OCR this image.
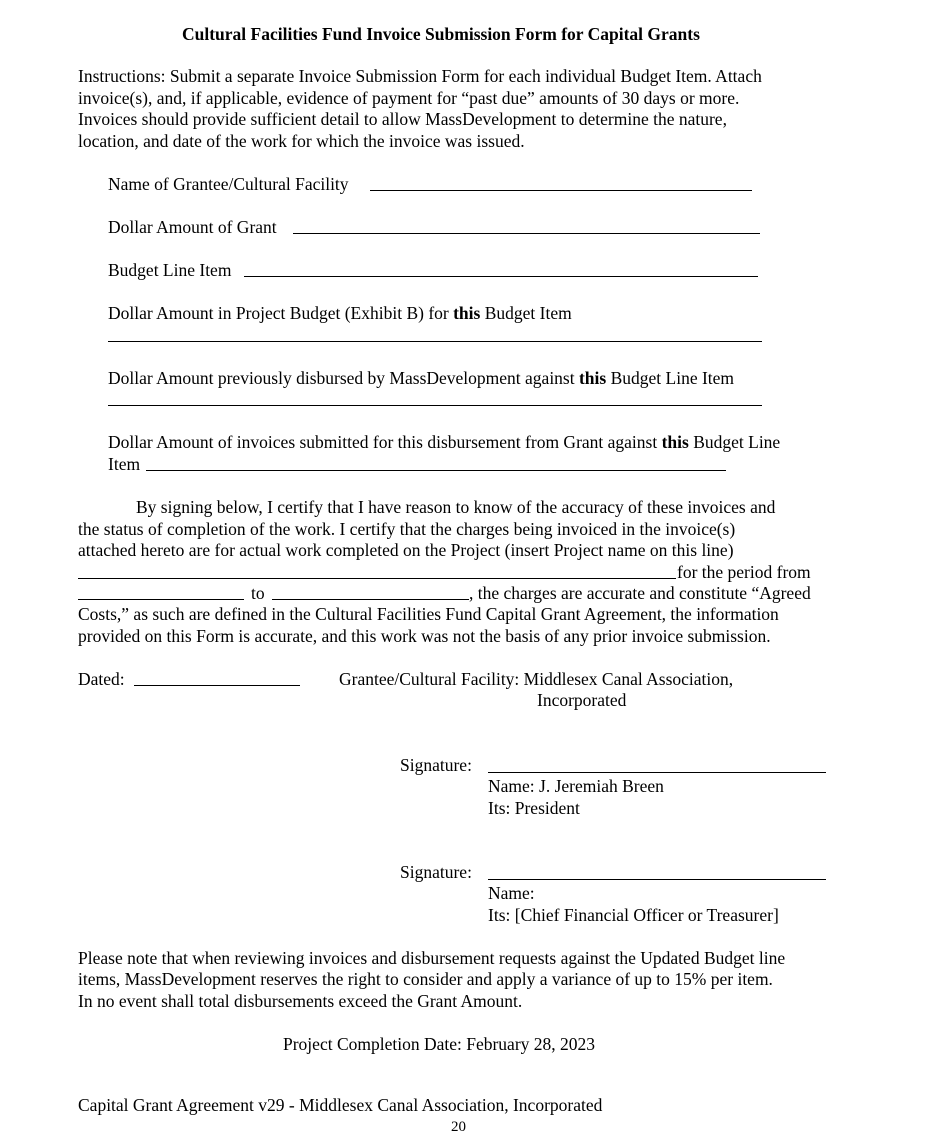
Cultural Facilities Fund Invoice Submission Form for Capital Grants
Instructions: Submit a separate Invoice Submission Form for each individual Budget Item. Attach
invoice(s), and, if applicable, evidence of payment for “past due” amounts of 30 days or more.
Invoices should provide sufficient detail to allow MassDevelopment to determine the nature,
location, and date of the work for which the invoice was issued.
Name of Grantee/Cultural Facility
Dollar Amount of Grant
Budget Line Item
Dollar Amount in Project Budget (Exhibit B) for this Budget Item
Dollar Amount previously disbursed by MassDevelopment against this Budget Line Item
Dollar Amount of invoices submitted for this disbursement from Grant against this Budget Line
Item
By signing below, I certify that I have reason to know of the accuracy of these invoices and
the status of completion of the work. I certify that the charges being invoiced in the invoice(s)
attached hereto are for actual work completed on the Project (insert Project name on this line)
for the period from
to	, the charges are accurate and constitute “Agreed
Costs,” as such are defined in the Cultural Facilities Fund Capital Grant Agreement, the information
provided on this Form is accurate, and this work was not the basis of any prior invoice submission.
Dated:	Grantee/Cultural Facility: Middlesex Canal Association,
Incorporated
Signature:
Name: J. Jeremiah Breen
Its: President
Signature:
Name:
Its: [Chief Financial Officer or Treasurer]
Please note that when reviewing invoices and disbursement requests against the Updated Budget line
items, MassDevelopment reserves the right to consider and apply a variance of up to 15% per item.
In no event shall total disbursements exceed the Grant Amount.
Project Completion Date: February 28, 2023
Capital Grant Agreement v29 - Middlesex Canal Association, Incorporated
20
